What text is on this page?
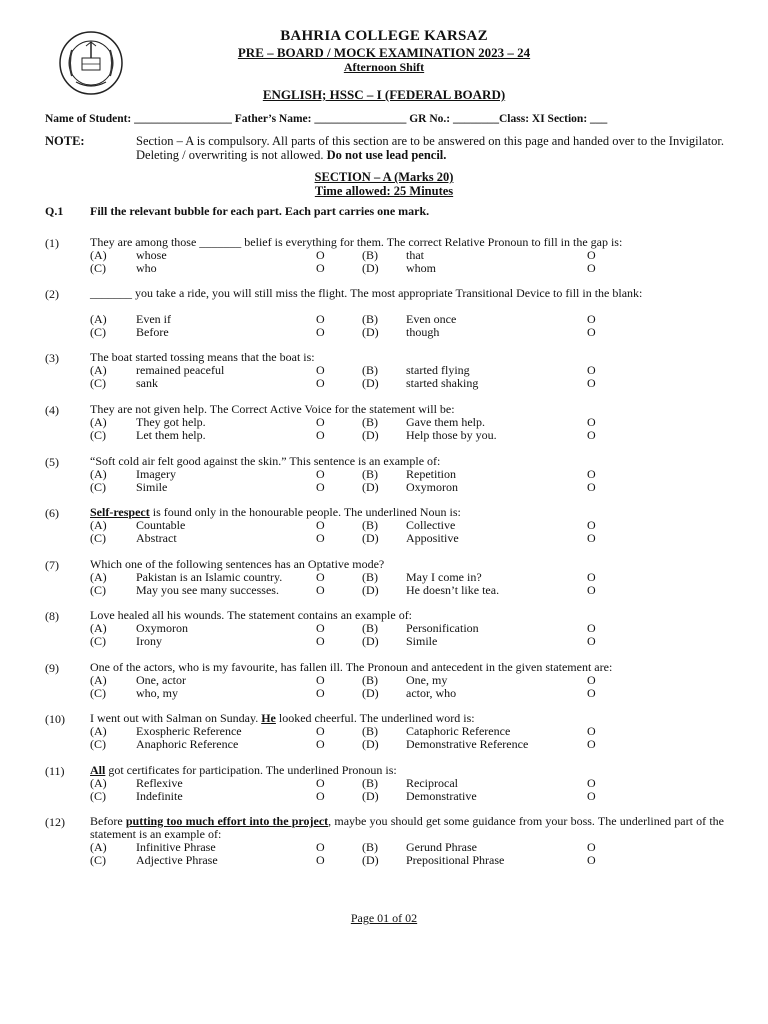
BAHRIA COLLEGE KARSAZ
PRE – BOARD / MOCK EXAMINATION 2023 – 24
Afternoon Shift
ENGLISH; HSSC – I (FEDERAL BOARD)
Name of Student: _________________ Father’s Name: ________________ GR No.: ________Class: XI Section: ___
NOTE:	Section – A is compulsory. All parts of this section are to be answered on this page and handed over to the Invigilator. Deleting / overwriting is not allowed. Do not use lead pencil.
SECTION – A (Marks 20)
Time allowed: 25 Minutes
Q.1 Fill the relevant bubble for each part. Each part carries one mark.
(1)	They are among those _______ belief is everything for them. The correct Relative Pronoun to fill in the gap is:
(A) whose	O	(B) that	O
(C)	who	O	(D) whom	O
(2)	_______ you take a ride, you will still miss the flight. The most appropriate Transitional Device to fill in the blank:
(A) Even if	O	(B) Even once	O
(C)	Before	O	(D) though	O
(3)	The boat started tossing means that the boat is:
(A) remained peaceful	O	(B) started flying	O
(C)	sank	O	(D) started shaking	O
(4)	They are not given help. The Correct Active Voice for the statement will be:
(A) They got help.	O	(B) Gave them help.	O
(C)	Let them help.	O	(D) Help those by you.	O
(5)	“Soft cold air felt good against the skin.” This sentence is an example of:
(A) Imagery	O	(B) Repetition	O
(C)	Simile	O	(D) Oxymoron	O
(6)	Self-respect is found only in the honourable people. The underlined Noun is:
(A) Countable	O	(B) Collective	O
(C)	Abstract	O	(D) Appositive	O
(7)	Which one of the following sentences has an Optative mode?
(A) Pakistan is an Islamic country.	O	(B) May I come in?	O
(C)	May you see many successes.	O	(D) He doesn’t like tea.	O
(8)	Love healed all his wounds. The statement contains an example of:
(A) Oxymoron	O	(B) Personification	O
(C)	Irony	O	(D) Simile	O
(9)	One of the actors, who is my favourite, has fallen ill. The Pronoun and antecedent in the given statement are:
(A) One, actor	O	(B) One, my	O
(C)	who, my	O	(D) actor, who	O
(10) I went out with Salman on Sunday. He looked cheerful. The underlined word is:
(A) Exospheric Reference	O	(B) Cataphoric Reference	O
(C)	Anaphoric Reference	O	(D) Demonstrative Reference	O
(11) All got certificates for participation. The underlined Pronoun is:
(A) Reflexive	O	(B) Reciprocal	O
(C)	Indefinite	O	(D) Demonstrative	O
(12) Before putting too much effort into the project, maybe you should get some guidance from your boss. The underlined part of the statement is an example of:
(A) Infinitive Phrase	O	(B) Gerund Phrase	O
(C)	Adjective Phrase	O	(D) Prepositional Phrase	O
Page 01 of 02
